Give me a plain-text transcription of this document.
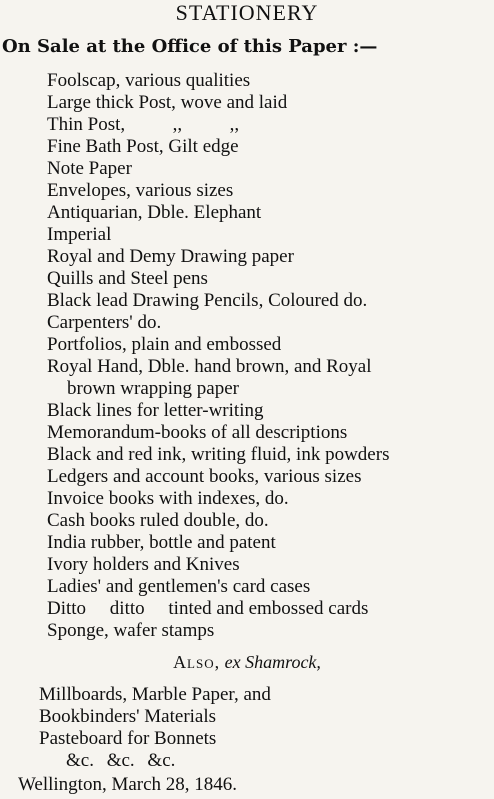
STATIONERY
On Sale at the Office of this Paper :—
Foolscap, various qualities
Large thick Post, wove and laid
Thin Post,          ,,          ,,
Fine Bath Post, Gilt edge
Note Paper
Envelopes, various sizes
Antiquarian, Dble. Elephant
Imperial
Royal and Demy Drawing paper
Quills and Steel pens
Black lead Drawing Pencils, Coloured do.
Carpenters' do.
Portfolios, plain and embossed
Royal Hand, Dble. hand brown, and Royal
brown wrapping paper
Black lines for letter-writing
Memorandum-books of all descriptions
Black and red ink, writing fluid, ink powders
Ledgers and account books, various sizes
Invoice books with indexes, do.
Cash books ruled double, do.
India rubber, bottle and patent
Ivory holders and Knives
Ladies' and gentlemen's card cases
Ditto     ditto     tinted and embossed cards
Sponge, wafer stamps
Also, ex Shamrock,
Millboards, Marble Paper, and
Bookbinders' Materials
Pasteboard for Bonnets
&c. &c. &c.
Wellington, March 28, 1846.
